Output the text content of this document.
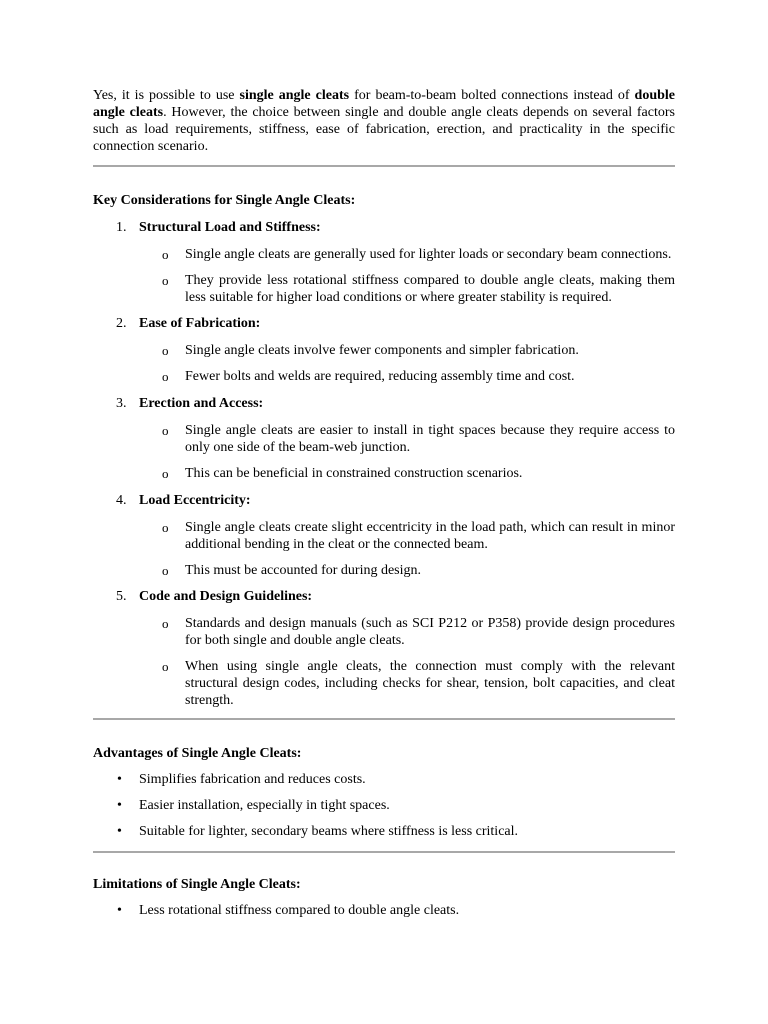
Yes, it is possible to use single angle cleats for beam-to-beam bolted connections instead of double angle cleats. However, the choice between single and double angle cleats depends on several factors such as load requirements, stiffness, ease of fabrication, erection, and practicality in the specific connection scenario.

Key Considerations for Single Angle Cleats:

1. Structural Load and Stiffness:

o Single angle cleats are generally used for lighter loads or secondary beam connections.
o They provide less rotational stiffness compared to double angle cleats, making them less suitable for higher load conditions or where greater stability is required.
2. Ease of Fabrication:

o Single angle cleats involve fewer components and simpler fabrication.
o Fewer bolts and welds are required, reducing assembly time and cost.
3. Erection and Access:

o Single angle cleats are easier to install in tight spaces because they require access to only one side of the beam-web junction.
o This can be beneficial in constrained construction scenarios.
4. Load Eccentricity:

o Single angle cleats create slight eccentricity in the load path, which can result in minor additional bending in the cleat or the connected beam.
o This must be accounted for during design.
5. Code and Design Guidelines:

o Standards and design manuals (such as SCI P212 or P358) provide design procedures for both single and double angle cleats.
o When using single angle cleats, the connection must comply with the relevant structural design codes, including checks for shear, tension, bolt capacities, and cleat strength.

Advantages of Single Angle Cleats:

• Simplifies fabrication and reduces costs.
• Easier installation, especially in tight spaces.
• Suitable for lighter, secondary beams where stiffness is less critical.

Limitations of Single Angle Cleats:

• Less rotational stiffness compared to double angle cleats.
